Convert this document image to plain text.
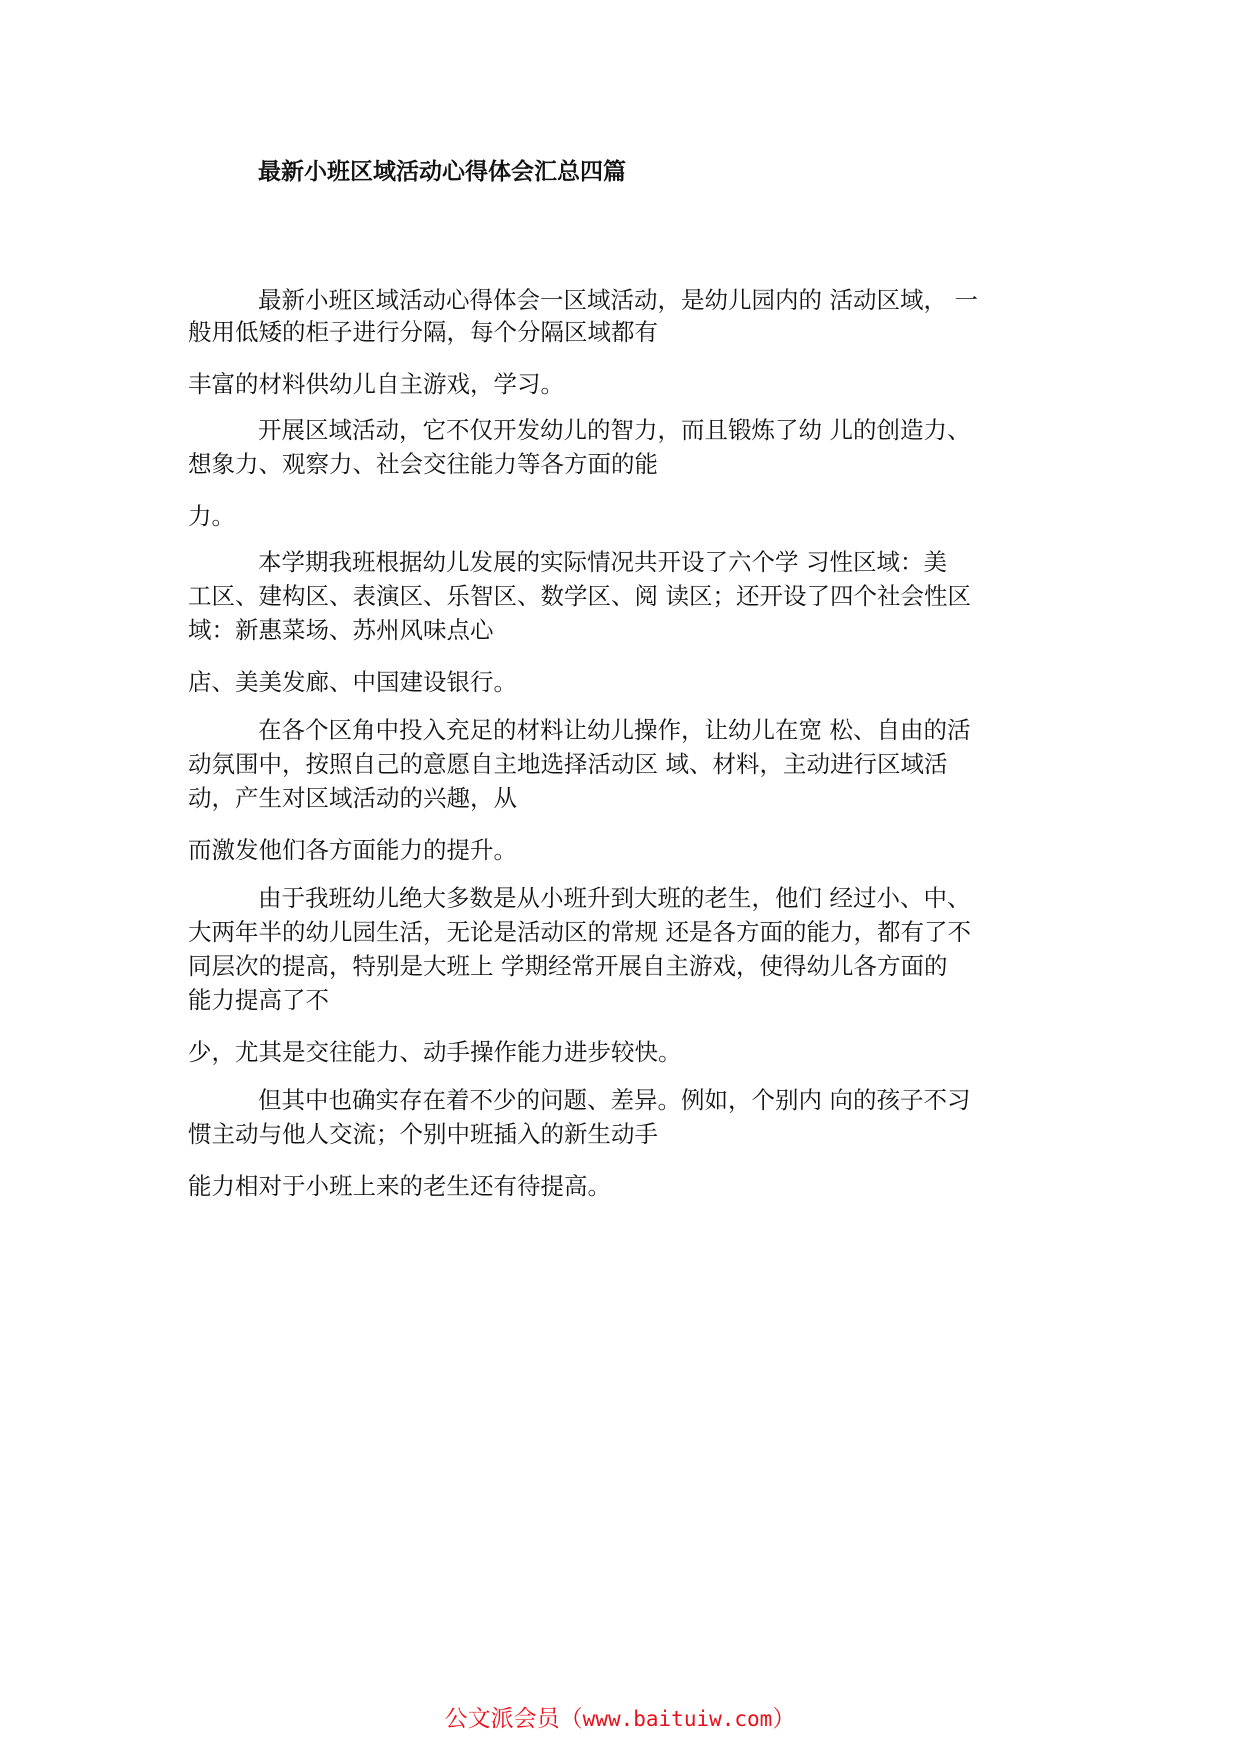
最新小班区域活动心得体会汇总四篇
最新小班区域活动心得体会一区域活动，是幼儿园内的 活动区域， 一
般用低矮的柜子进行分隔，每个分隔区域都有
丰富的材料供幼儿自主游戏，学习。
开展区域活动，它不仅开发幼儿的智力，而且锻炼了幼 儿的创造力、
想象力、观察力、社会交往能力等各方面的能
力。
本学期我班根据幼儿发展的实际情况共开设了六个学 习性区域：美
工区、建构区、表演区、乐智区、数学区、阅 读区；还开设了四个社会性区
域：新惠菜场、苏州风味点心
店、美美发廊、中国建设银行。
在各个区角中投入充足的材料让幼儿操作，让幼儿在宽 松、自由的活
动氛围中，按照自己的意愿自主地选择活动区 域、材料，主动进行区域活
动，产生对区域活动的兴趣，从
而激发他们各方面能力的提升。
由于我班幼儿绝大多数是从小班升到大班的老生，他们 经过小、中、
大两年半的幼儿园生活，无论是活动区的常规 还是各方面的能力，都有了不
同层次的提高，特别是大班上 学期经常开展自主游戏，使得幼儿各方面的
能力提高了不
少，尤其是交往能力、动手操作能力进步较快。
但其中也确实存在着不少的问题、差异。例如，个别内 向的孩子不习
惯主动与他人交流；个别中班插入的新生动手
能力相对于小班上来的老生还有待提高。
公文派会员（www.baituiw.com）
